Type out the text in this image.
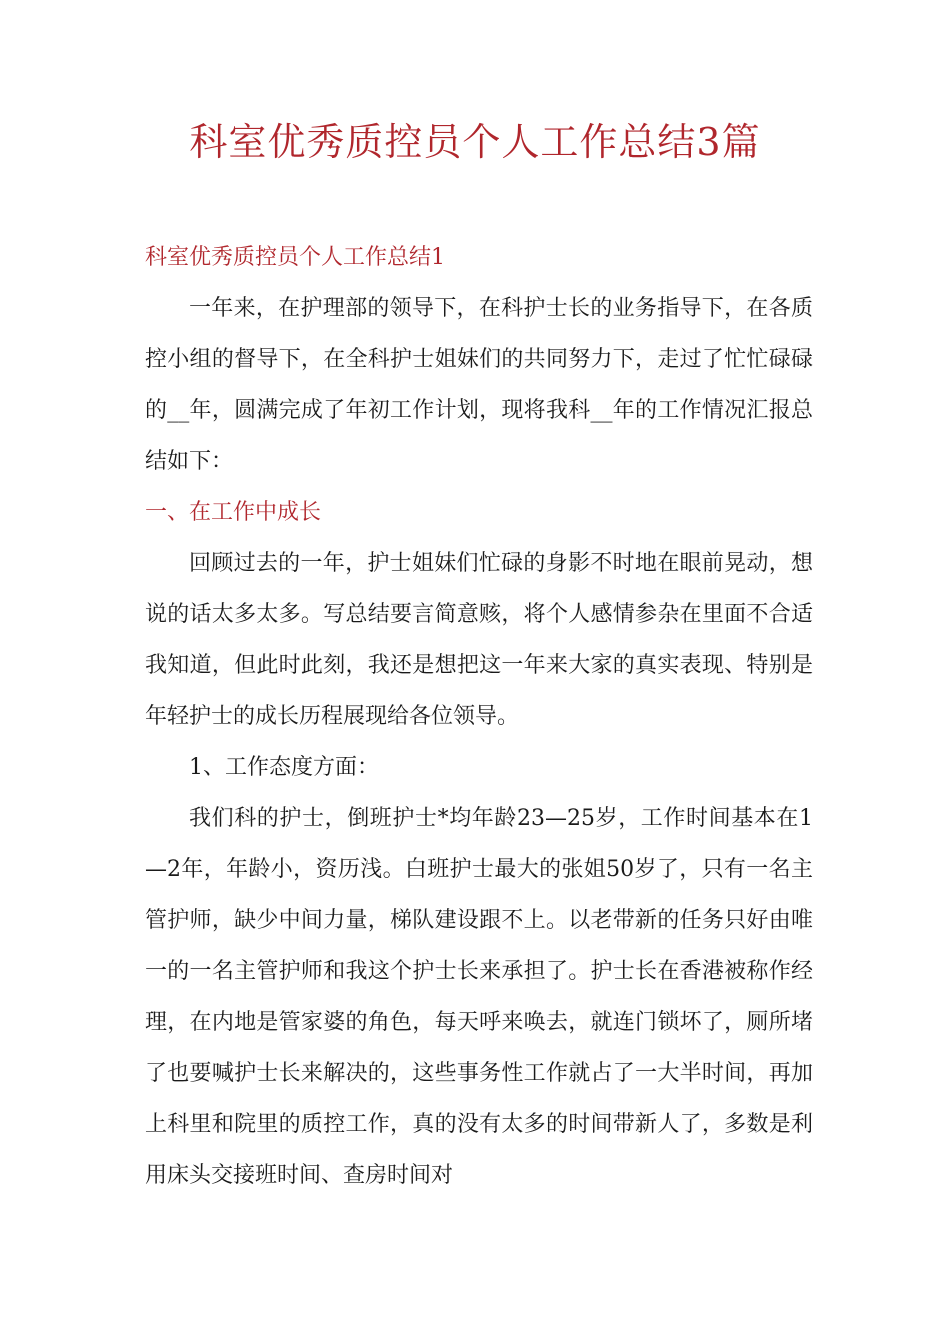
科室优秀质控员个人工作总结3篇

科室优秀质控员个人工作总结1

一年来，在护理部的领导下，在科护士长的业务指导下，在各质控小组的督导下，在全科护士姐妹们的共同努力下，走过了忙忙碌碌的__年，圆满完成了年初工作计划，现将我科__年的工作情况汇报总结如下：

一、在工作中成长

回顾过去的一年，护士姐妹们忙碌的身影不时地在眼前晃动，想说的话太多太多。写总结要言简意赅，将个人感情参杂在里面不合适我知道，但此时此刻，我还是想把这一年来大家的真实表现、特别是年轻护士的成长历程展现给各位领导。

1、工作态度方面：

我们科的护士，倒班护士*均年龄23—25岁，工作时间基本在1—2年，年龄小，资历浅。白班护士最大的张姐50岁了，只有一名主管护师，缺少中间力量，梯队建设跟不上。以老带新的任务只好由唯一的一名主管护师和我这个护士长来承担了。护士长在香港被称作经理，在内地是管家婆的角色，每天呼来唤去，就连门锁坏了，厕所堵了也要喊护士长来解决的，这些事务性工作就占了一大半时间，再加上科里和院里的质控工作，真的没有太多的时间带新人了，多数是利用床头交接班时间、查房时间对
